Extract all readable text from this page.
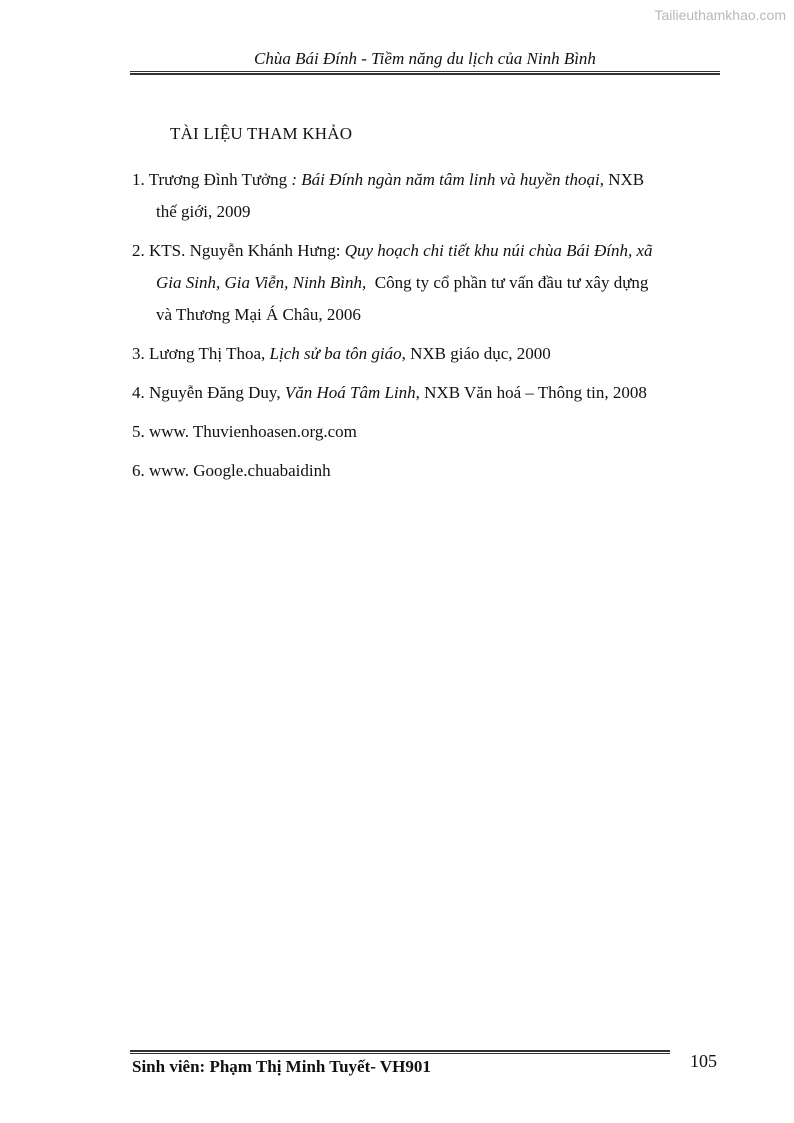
Tailieuthamkhao.com
Chùa Bái Đính - Tiềm năng du lịch của Ninh Bình
TÀI LIỆU THAM KHẢO
1. Trương Đình Tưởng : Bái Đính ngàn năm tâm linh và huyền thoại, NXB
thế giới, 2009
2. KTS. Nguyễn Khánh Hưng: Quy hoạch chi tiết khu núi chùa Bái Đính, xã
Gia Sinh, Gia Viễn, Ninh Bình,  Công ty cổ phần tư vấn đầu tư xây dựng
và Thương Mại Á Châu, 2006
3. Lương Thị Thoa, Lịch sử ba tôn giáo, NXB giáo dục, 2000
4. Nguyễn Đăng Duy, Văn Hoá Tâm Linh, NXB Văn hoá – Thông tin, 2008
5. www. Thuvienhoasen.org.com
6. www. Google.chuabaidinh
Sinh viên: Phạm Thị Minh Tuyết- VH901	105
